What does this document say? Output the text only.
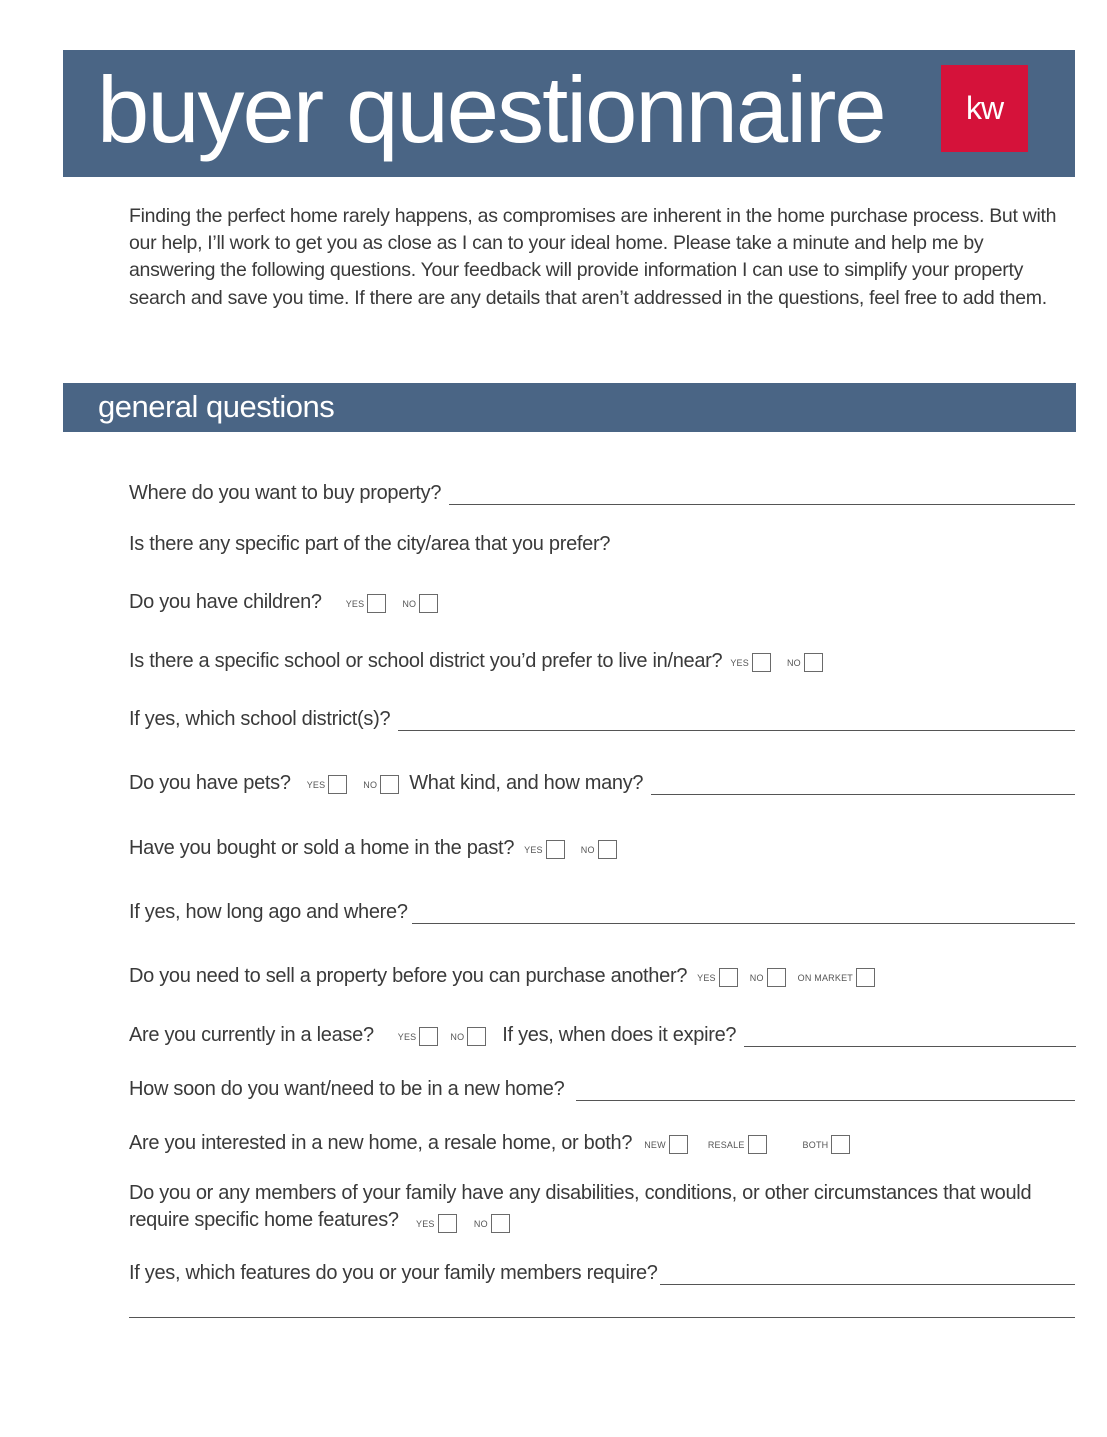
buyer questionnaire	kw
Finding the perfect home rarely happens, as compromises are inherent in the home purchase process. But with our help, I’ll work to get you as close as I can to your ideal home. Please take a minute and help me by answering the following questions. Your feedback will provide information I can use to simplify your property search and save you time. If there are any details that aren’t addressed in the questions, feel free to add them.
general questions
Where do you want to buy property?
Is there any specific part of the city/area that you prefer?
Do you have children?	YES	NO
Is there a specific school or school district you’d prefer to live in/near? YES	NO
If yes, which school district(s)?
Do you have pets? YES	NO What kind, and how many?
Have you bought or sold a home in the past? YES	NO
If yes, how long ago and where?
Do you need to sell a property before you can purchase another? YES	NO	ON MARKET
Are you currently in a lease?	YES	NO If yes, when does it expire?
How soon do you want/need to be in a new home?
Are you interested in a new home, a resale home, or both? NEW	RESALE	BOTH
Do you or any members of your family have any disabilities, conditions, or other circumstances that would require specific home features? YES
	NO
If yes, which features do you or your family members require?
